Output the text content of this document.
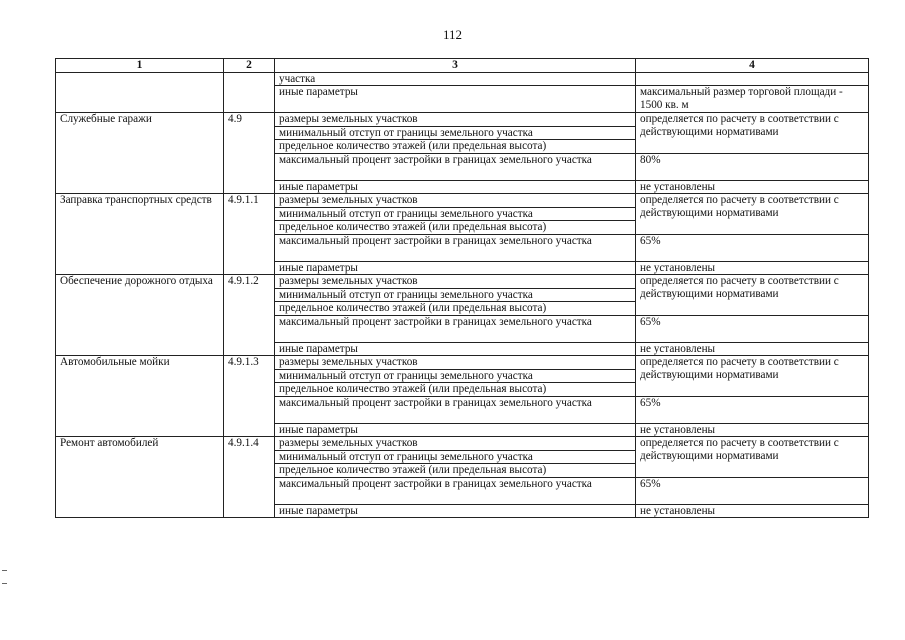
112
1	2	3	4
		участка	
		иные параметры	максимальный размер торговой площади - 1500 кв. м
Служебные гаражи	4.9	размеры земельных участков	определяется по расчету в соответствии с действующими нормативами
		минимальный отступ от границы земельного участка	
		предельное количество этажей (или предельная высота)	
		максимальный процент застройки в границах земельного участка	80%
		иные параметры	не установлены
Заправка транспортных средств	4.9.1.1	размеры земельных участков	определяется по расчету в соответствии с действующими нормативами
		минимальный отступ от границы земельного участка	
		предельное количество этажей (или предельная высота)	
		максимальный процент застройки в границах земельного участка	65%
		иные параметры	не установлены
Обеспечение дорожного отдыха	4.9.1.2	размеры земельных участков	определяется по расчету в соответствии с действующими нормативами
		минимальный отступ от границы земельного участка	
		предельное количество этажей (или предельная высота)	
		максимальный процент застройки в границах земельного участка	65%
		иные параметры	не установлены
Автомобильные мойки	4.9.1.3	размеры земельных участков	определяется по расчету в соответствии с действующими нормативами
		минимальный отступ от границы земельного участка	
		предельное количество этажей (или предельная высота)	
		максимальный процент застройки в границах земельного участка	65%
		иные параметры	не установлены
Ремонт автомобилей	4.9.1.4	размеры земельных участков	определяется по расчету в соответствии с действующими нормативами
		минимальный отступ от границы земельного участка	
		предельное количество этажей (или предельная высота)	
		максимальный процент застройки в границах земельного участка	65%
		иные параметры	не установлены
